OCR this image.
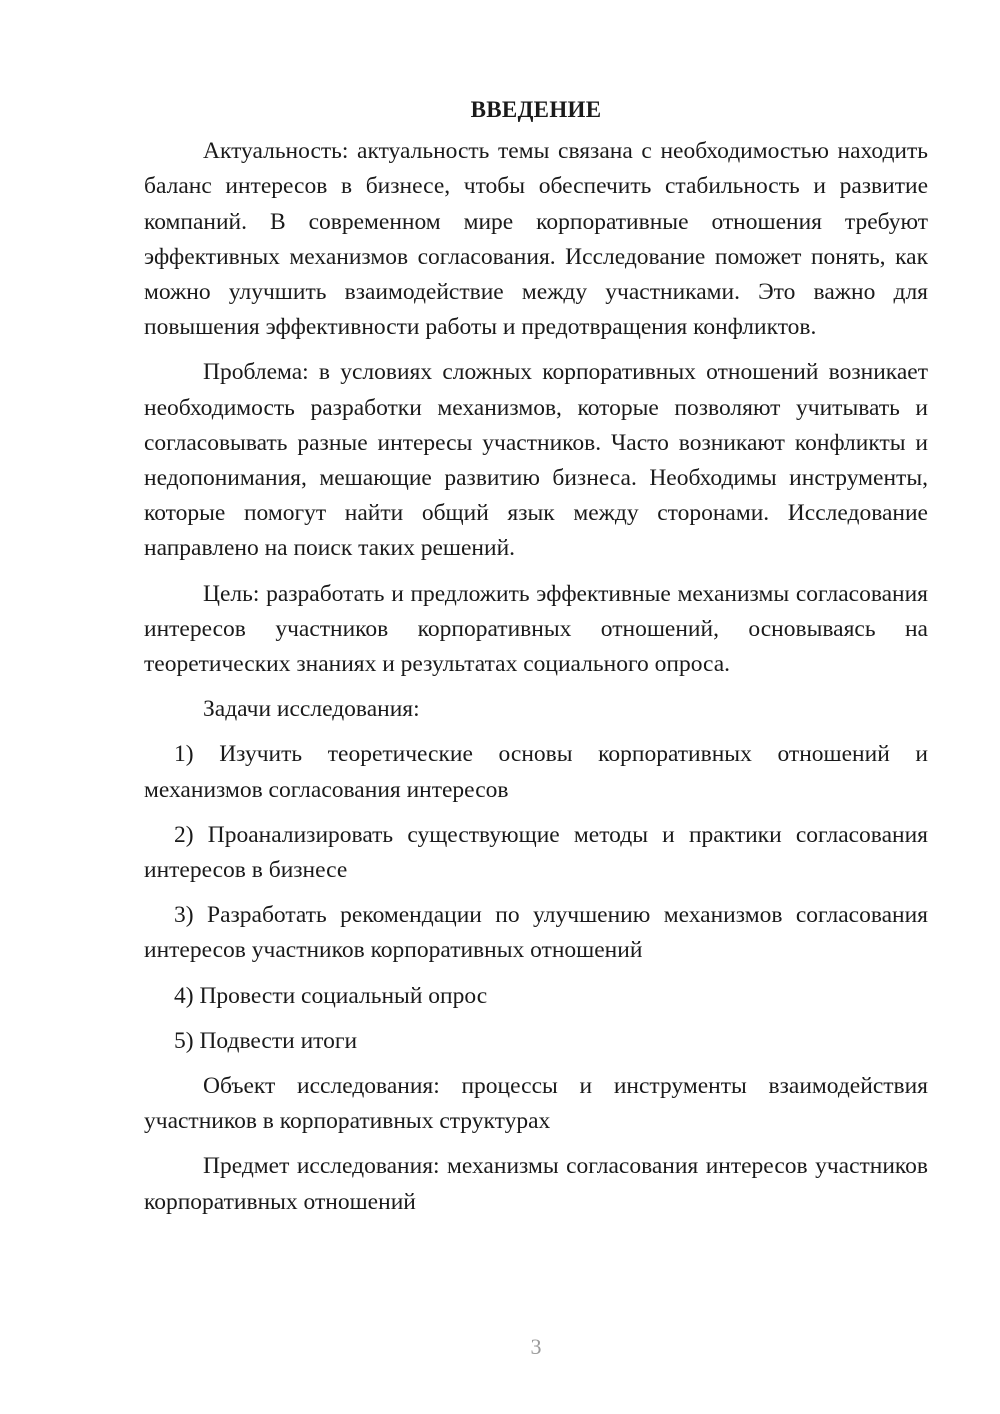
ВВЕДЕНИЕ

Актуальность: актуальность темы связана с необходимостью находить баланс интересов в бизнесе, чтобы обеспечить стабильность и развитие компаний. В современном мире корпоративные отношения требуют эффективных механизмов согласования. Исследование поможет понять, как можно улучшить взаимодействие между участниками. Это важно для повышения эффективности работы и предотвращения конфликтов.

Проблема: в условиях сложных корпоративных отношений возникает необходимость разработки механизмов, которые позволяют учитывать и согласовывать разные интересы участников. Часто возникают конфликты и недопонимания, мешающие развитию бизнеса. Необходимы инструменты, которые помогут найти общий язык между сторонами. Исследование направлено на поиск таких решений.

Цель: разработать и предложить эффективные механизмы согласования интересов участников корпоративных отношений, основываясь на теоретических знаниях и результатах социального опроса.

Задачи исследования:

1) Изучить теоретические основы корпоративных отношений и механизмов согласования интересов

2) Проанализировать существующие методы и практики согласования интересов в бизнесе

3) Разработать рекомендации по улучшению механизмов согласования интересов участников корпоративных отношений

4) Провести социальный опрос

5) Подвести итоги

Объект исследования: процессы и инструменты взаимодействия участников в корпоративных структурах

Предмет исследования: механизмы согласования интересов участников корпоративных отношений

3
